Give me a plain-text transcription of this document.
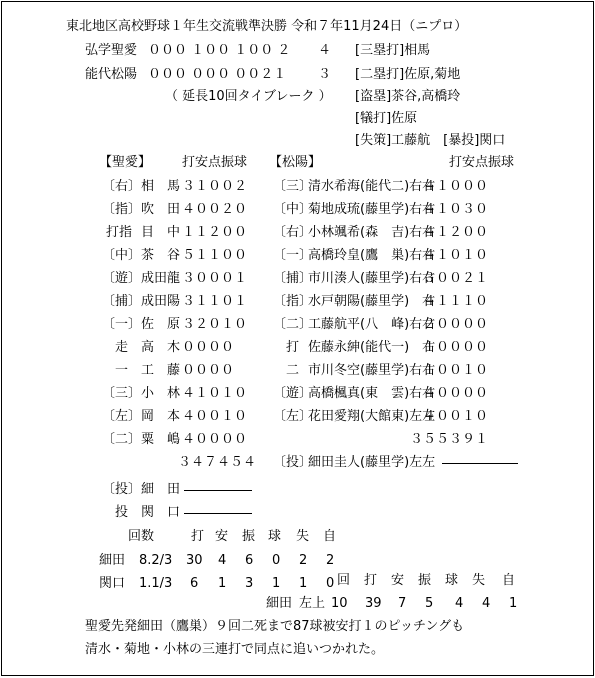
東北地区高校野球１年生交流戦準決勝 令和７年11月24日（ニプロ）
弘学聖愛 ０００ １００ １００ ２ ４
能代松陽 ０００ ０００ ００２１ ３
（ 延長10回タイブレーク ）
[三塁打]相馬
[二塁打]佐原,菊地
[盗塁]茶谷,高橋玲
[犠打]佐原
[失策]工藤航　[暴投]関口
【聖愛】 打安点振球 【松陽】	打安点振球
〔右〕 相　馬 ３１００２
〔指〕 吹　田 ４００２０
打指 目　中 １１２００
〔中〕 茶　谷 ５１１００
〔遊〕 成田龍 ３０００１
〔捕〕 成田陽 ３１１０１
〔一〕 佐　原 ３２０１０
走 高　木 ００００
一 工　藤 ００００
〔三〕 小　林 ４１０１０
〔左〕 岡　本 ４００１０
〔二〕 粟　嶋 ４００００
３４７４５４
〔投〕 細　田
投 関　口
〔三〕
清水希海(能代二)右右
４１０００
〔中〕
菊地成琉(藤里学)右右
４１０３０
〔右〕
小林颯希(森　吉)右右
４１２００
〔一〕
高橋玲皇(鷹　巣)右右
４１０１０
〔捕〕
市川湊人(藤里学)右右
３００２１
〔指〕
水戸朝陽(藤里学)　右
４１１１０
〔二〕
工藤航平(八　峰)右右
２００００
打 佐藤永紳(能代一)　右
１００００
二 市川冬空(藤里学)右右
１００１０
〔遊〕
高橋楓真(東　雲)右右
４００００
〔左〕
花田愛翔(大館東)左左
４００１０
３５５３９１
〔投〕
細田圭人(藤里学)左左
回数	打 安 振 球 失 自
細田 8.2/3 30 4 6 0 2 2
関口 1.1/3 6 1 3 1 1 0 回 打 安 振 球 失 自
細田 左上 10 39 7 5 4 4 1
聖愛先発細田（鷹巣）９回二死まで87球被安打１のピッチングも
清水・菊地・小林の三連打で同点に追いつかれた。
